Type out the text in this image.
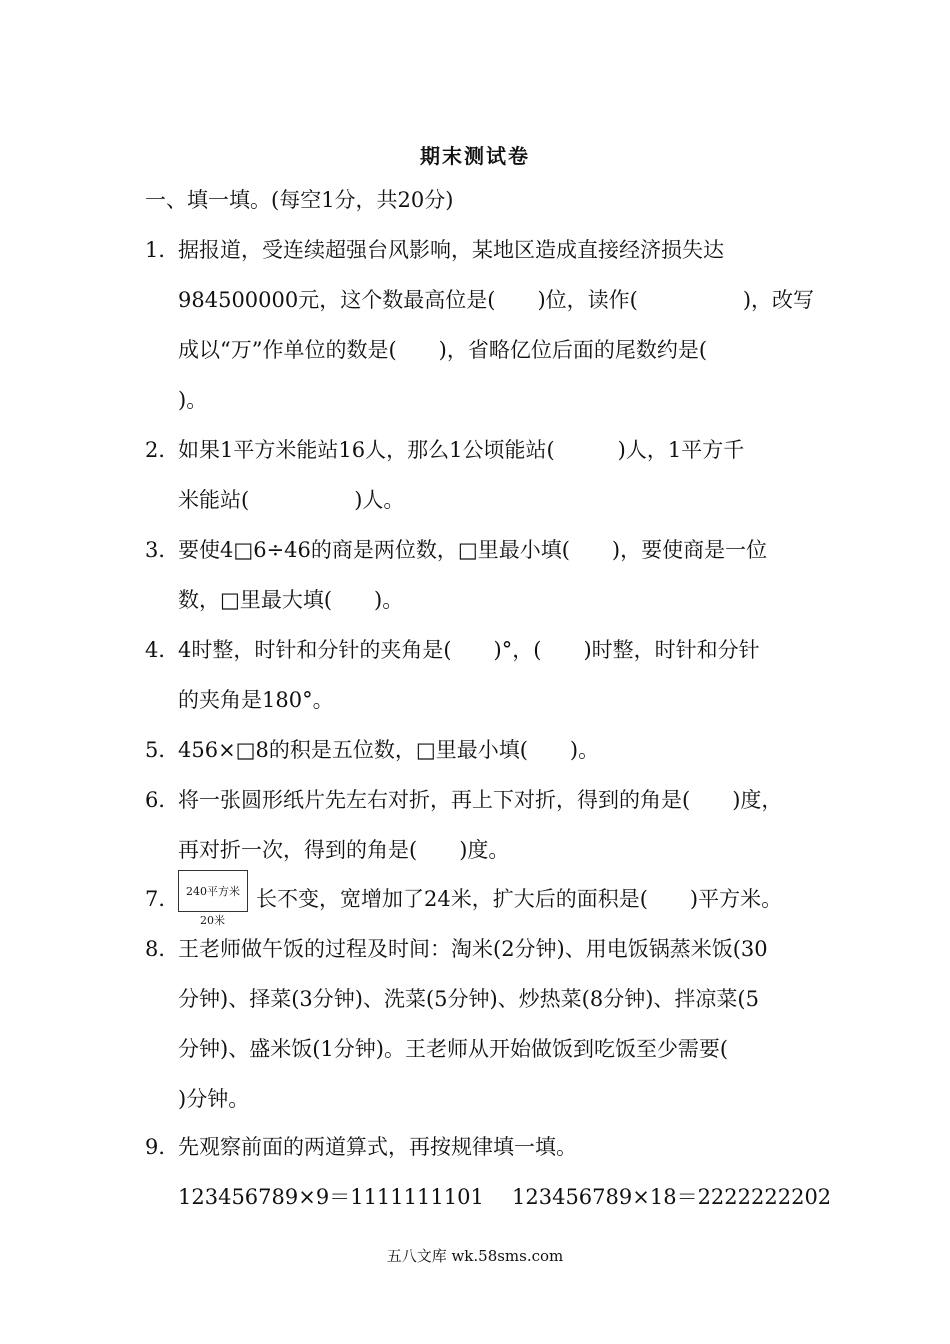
期末测试卷
一、填一填。(每空1分，共20分)
1．据报道，受连续超强台风影响，某地区造成直接经济损失达
984500000元，这个数最高位是(　　)位，读作(　　　　　)，改写
成以“万”作单位的数是(　　)，省略亿位后面的尾数约是(
)。
2．如果1平方米能站16人，那么1公顷能站(　　　)人，1平方千
米能站(　　　　　)人。
3．要使4□6÷46的商是两位数，□里最小填(　　)，要使商是一位
数，□里最大填(　　)。
4．4时整，时针和分针的夹角是(　　)°，(　　)时整，时针和分针
的夹角是180°。
5．456×□8的积是五位数，□里最小填(　　)。
6．将一张圆形纸片先左右对折，再上下对折，得到的角是(　　)度，
再对折一次，得到的角是(　　)度。
7． 240平方米
20米
长不变，宽增加了24米，扩大后的面积是(　　)平方米。
8．王老师做午饭的过程及时间：淘米(2分钟)、用电饭锅蒸米饭(30
分钟)、择菜(3分钟)、洗菜(5分钟)、炒热菜(8分钟)、拌凉菜(5
分钟)、盛米饭(1分钟)。王老师从开始做饭到吃饭至少需要(
)分钟。
9．先观察前面的两道算式，再按规律填一填。
123456789×9＝1111111101 123456789×18＝2222222202
五八文库 wk.58sms.com
